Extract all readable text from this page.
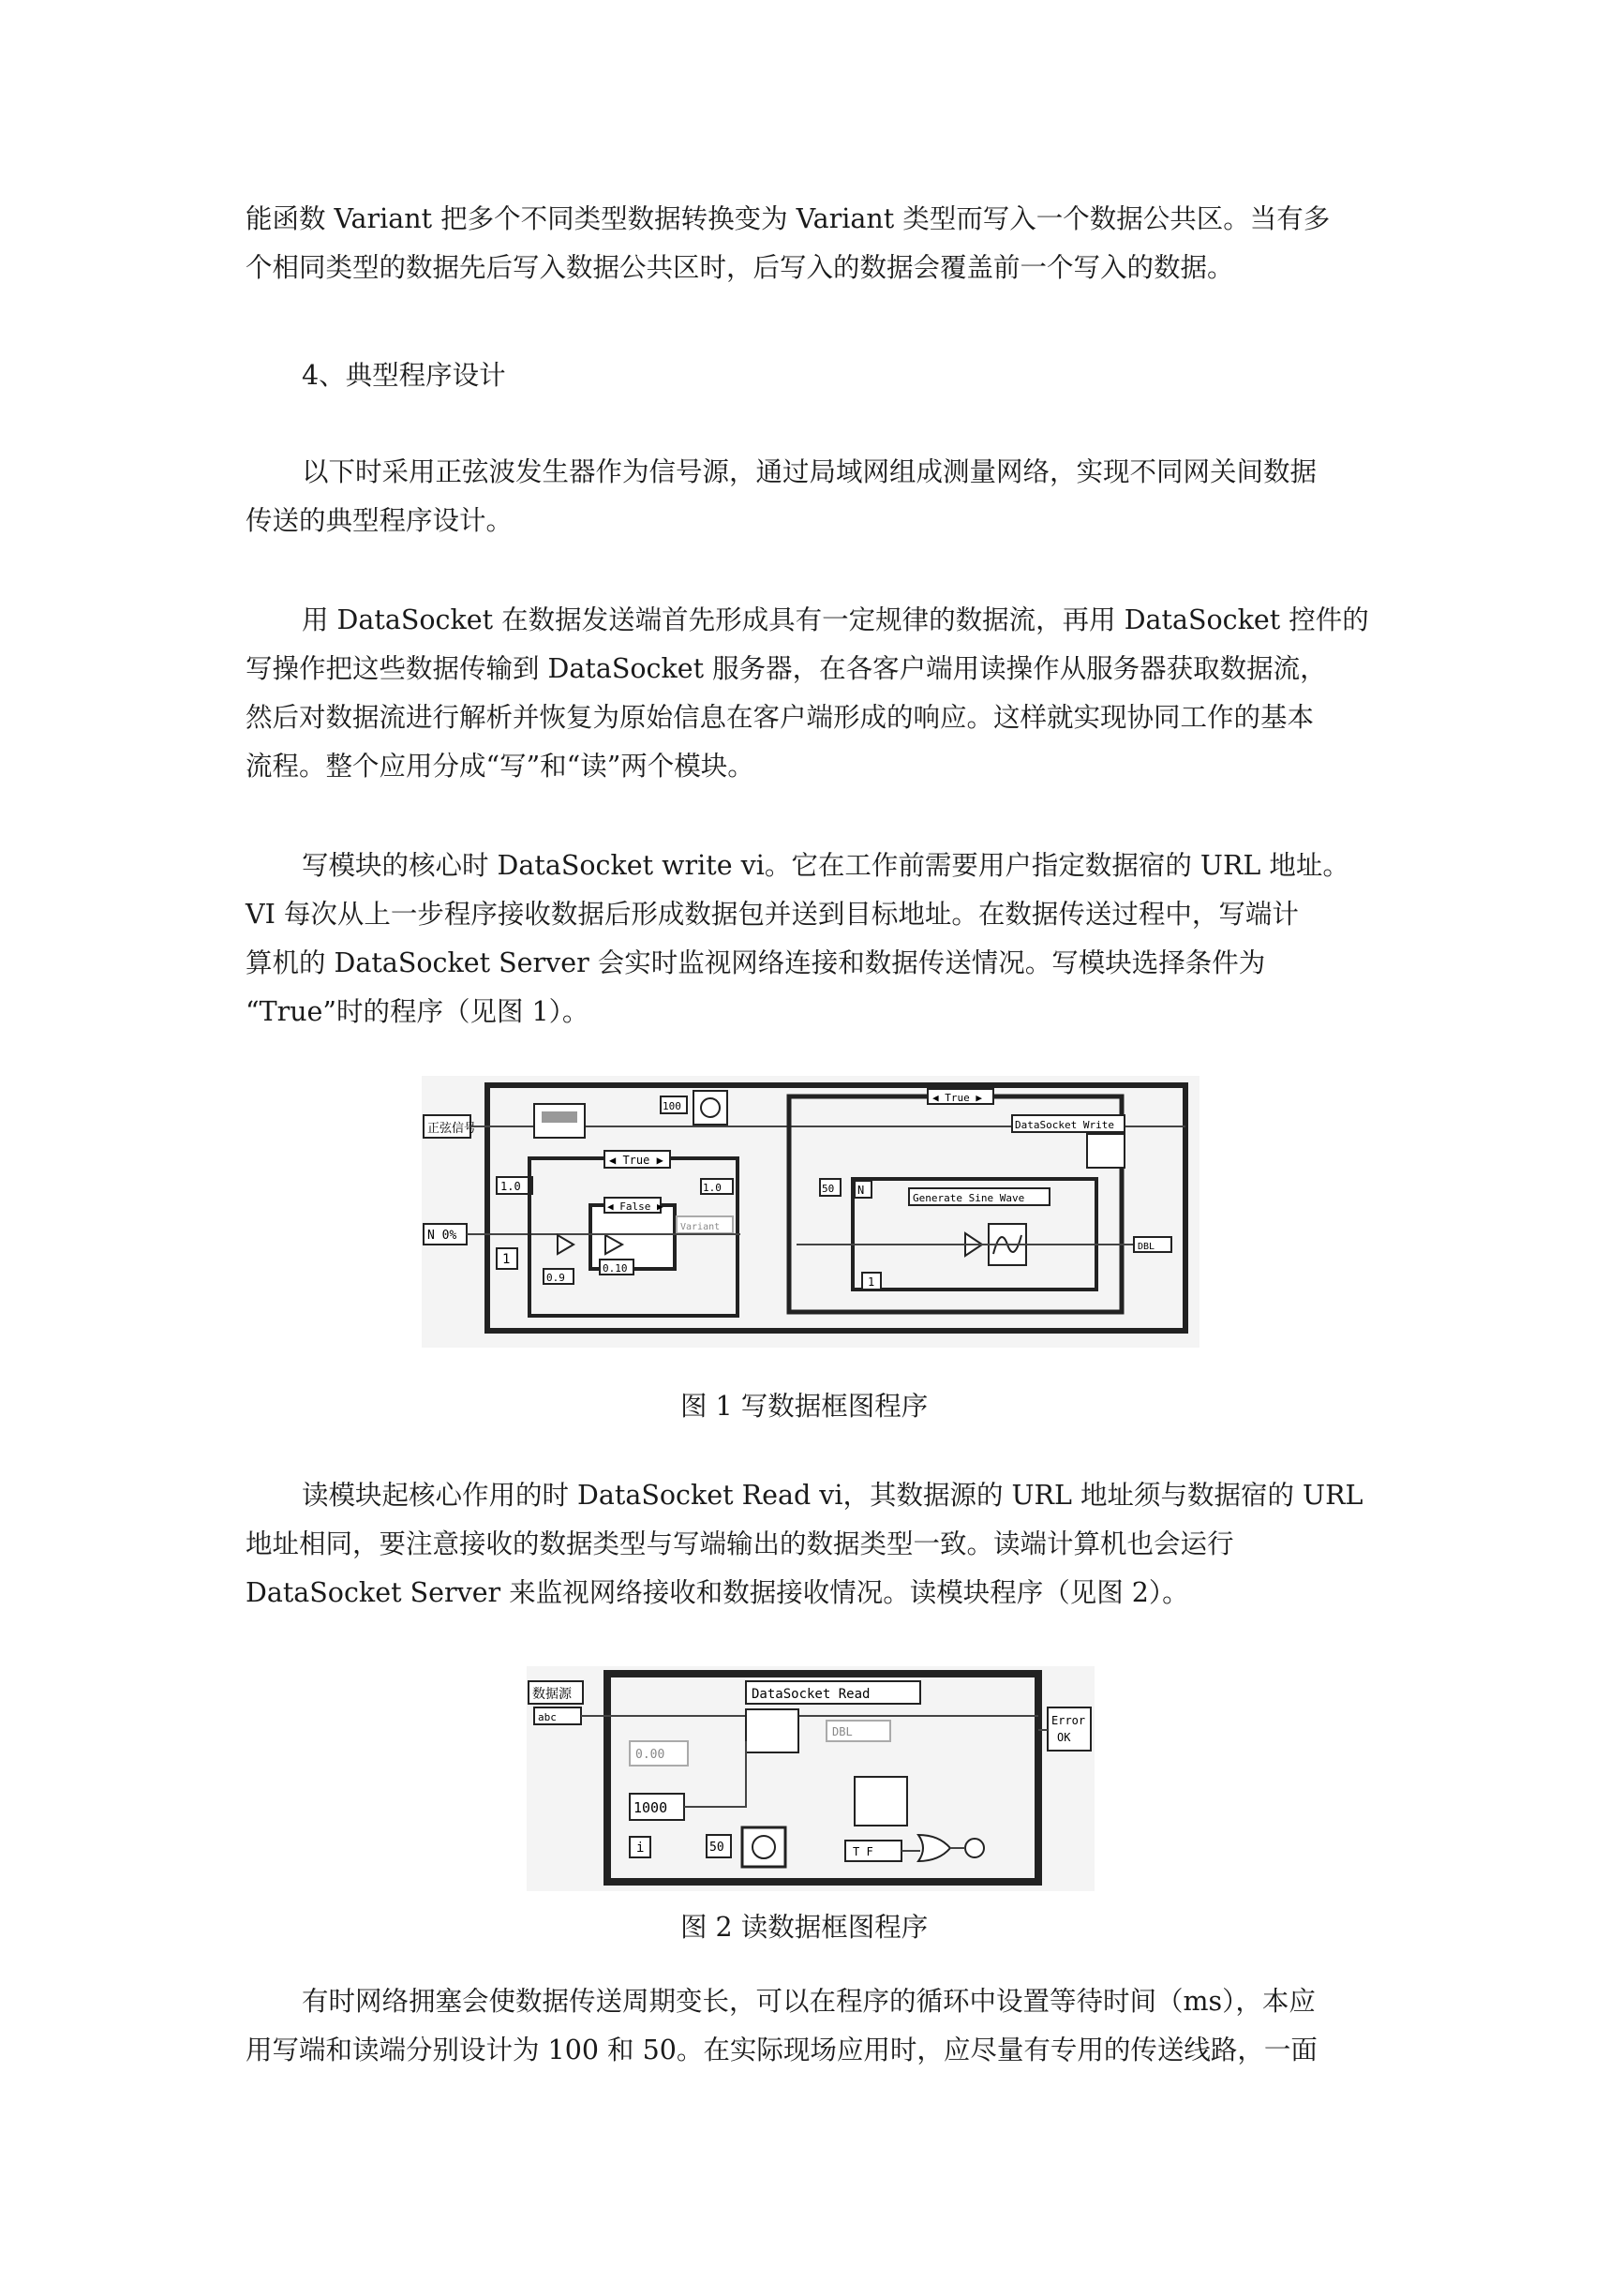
能函数 Variant 把多个不同类型数据转换变为 Variant 类型而写入一个数据公共区。当有多
个相同类型的数据先后写入数据公共区时，后写入的数据会覆盖前一个写入的数据。

4、典型程序设计

以下时采用正弦波发生器作为信号源，通过局域网组成测量网络，实现不同网关间数据
传送的典型程序设计。
用 DataSocket 在数据发送端首先形成具有一定规律的数据流，再用 DataSocket 控件的
写操作把这些数据传输到 DataSocket 服务器，在各客户端用读操作从服务器获取数据流，
然后对数据流进行解析并恢复为原始信息在客户端形成的响应。这样就实现协同工作的基本
流程。整个应用分成“写”和“读”两个模块。
写模块的核心时 DataSocket write vi。它在工作前需要用户指定数据宿的 URL 地址。
VI 每次从上一步程序接收数据后形成数据包并送到目标地址。在数据传送过程中，写端计
算机的 DataSocket Server 会实时监视网络连接和数据传送情况。写模块选择条件为
“True”时的程序（见图 1）。
正弦信号
N 0%
1.0
1
100
◀ True ▶
◀ False ▶
0.10
0.9
Variant
1.0
◀ True ▶
DataSocket Write
50 N
Generate Sine Wave
1
DBL

图 1 写数据框图程序

读模块起核心作用的时 DataSocket Read vi，其数据源的 URL 地址须与数据宿的 URL
地址相同，要注意接收的数据类型与写端输出的数据类型一致。读端计算机也会运行
DataSocket Server 来监视网络接收和数据接收情况。读模块程序（见图 2）。
数据源
abc
DataSocket Read
DBL
0.00
1000
i	50	T F
Error
OK

图 2 读数据框图程序

有时网络拥塞会使数据传送周期变长，可以在程序的循环中设置等待时间（ms），本应
用写端和读端分别设计为 100 和 50。在实际现场应用时，应尽量有专用的传送线路，一面
